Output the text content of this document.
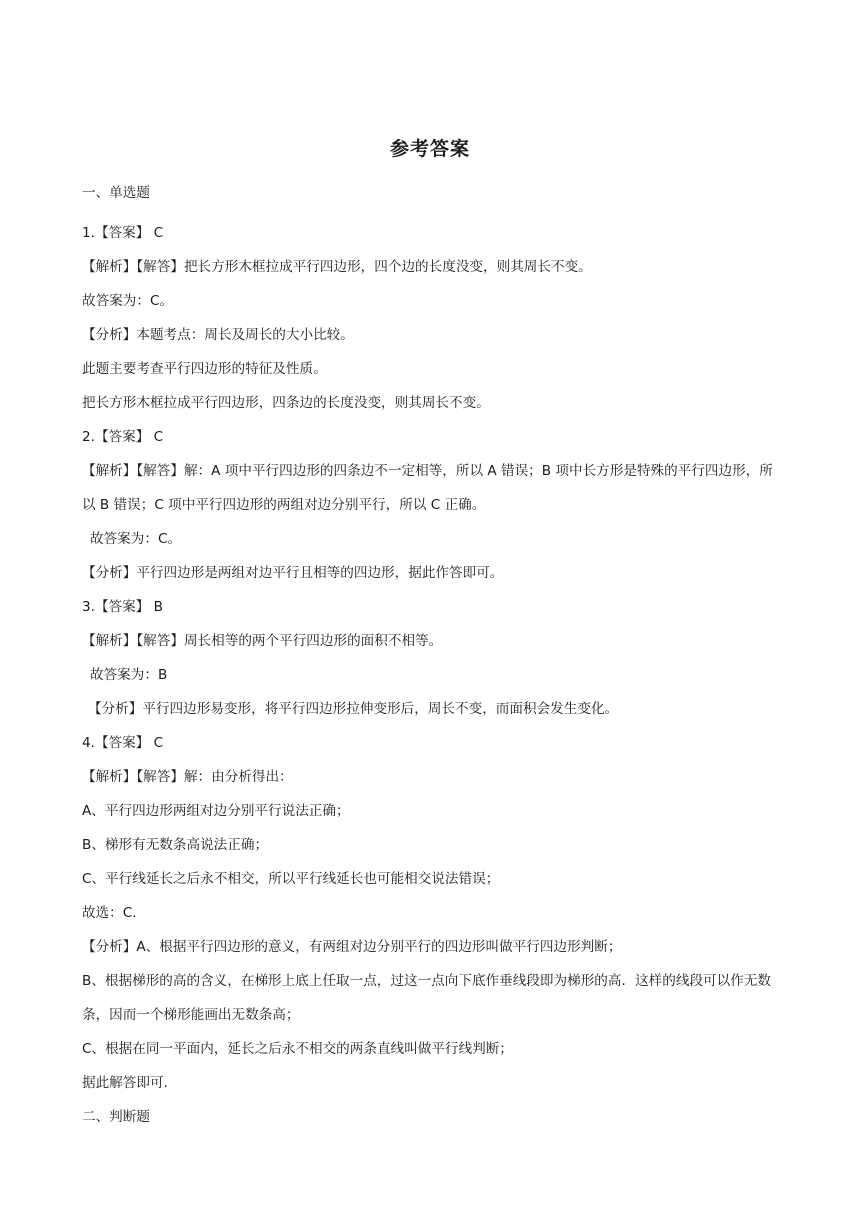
参考答案
一、单选题
1.【答案】 C
【解析】【解答】把长方形木框拉成平行四边形，四个边的长度没变，则其周长不变。
故答案为：C。
【分析】本题考点：周长及周长的大小比较。
此题主要考查平行四边形的特征及性质。
把长方形木框拉成平行四边形，四条边的长度没变，则其周长不变。
2.【答案】 C
【解析】【解答】解：A 项中平行四边形的四条边不一定相等，所以 A 错误；B 项中长方形是特殊的平行四边形，所以 B 错误；C 项中平行四边形的两组对边分别平行，所以 C 正确。
故答案为：C。
【分析】平行四边形是两组对边平行且相等的四边形，据此作答即可。
3.【答案】 B
【解析】【解答】周长相等的两个平行四边形的面积不相等。
故答案为：B
【分析】平行四边形易变形，将平行四边形拉伸变形后，周长不变，而面积会发生变化。
4.【答案】 C
【解析】【解答】解：由分析得出：
A、平行四边形两组对边分别平行说法正确；
B、梯形有无数条高说法正确；
C、平行线延长之后永不相交，所以平行线延长也可能相交说法错误；
故选：C.
【分析】A、根据平行四边形的意义，有两组对边分别平行的四边形叫做平行四边形判断；
B、根据梯形的高的含义，在梯形上底上任取一点，过这一点向下底作垂线段即为梯形的高．这样的线段可以作无数条，因而一个梯形能画出无数条高；
C、根据在同一平面内，延长之后永不相交的两条直线叫做平行线判断；
据此解答即可.
二、判断题
